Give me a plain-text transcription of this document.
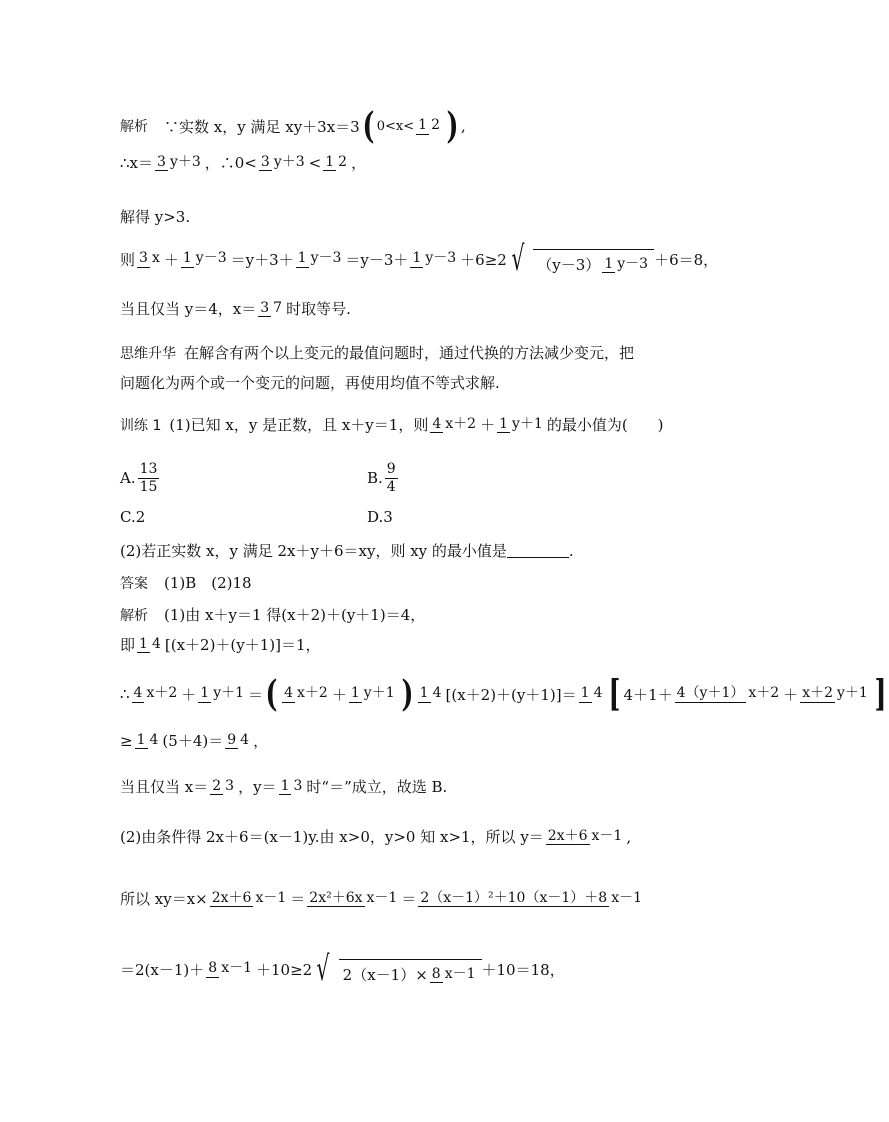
解析 ∵实数 x，y 满足 xy＋3x＝3 ( 0<x< 1 2 ) ,
∴x＝ 3 y＋3 ，∴0< 3 y＋3 < 1 2 ，
解得 y>3.
则 3 x ＋ 1 y－3 ＝y＋3＋ 1 y－3 ＝y－3＋ 1 y－3 ＋6≥2 √ （y－3） 1 y－3 ＋6＝8，
当且仅当 y＝4，x＝ 3 7 时取等号.
思维升华 在解含有两个以上变元的最值问题时，通过代换的方法减少变元，把
问题化为两个或一个变元的问题，再使用均值不等式求解.
训练 1 (1)已知 x，y 是正数，且 x＋y＝1，则 4 x＋2 ＋ 1 y＋1 的最小值为(　　)
A. $\frac{13}{15}$	B. $\frac{9}{4}$
C.2	D.3
(2)若正实数 x，y 满足 2x＋y＋6＝xy，则 xy 的最小值是	.
答案 (1)B　(2)18
解析 (1)由 x＋y＝1 得(x＋2)＋(y＋1)＝4，
即 1 4 [(x＋2)＋(y＋1)]＝1，
∴ 4 x＋2 ＋ 1 y＋1 ＝ ( 4 x＋2 ＋ 1 y＋1 ) 1 4 [(x＋2)＋(y＋1)]＝ 1 4 [ 4＋1＋ 4（y＋1） x＋2 ＋ x＋2 y＋1 ]
≥ 1 4 (5＋4)＝ 9 4 ，
当且仅当 x＝ 2 3 ，y＝ 1 3 时“＝”成立，故选 B.
(2)由条件得 2x＋6＝(x－1)y.由 x>0，y>0 知 x>1，所以 y＝ 2x＋6 x－1 ,
所以 xy＝x× 2x＋6 x－1 ＝ 2x²＋6x x－1 ＝ 2（x－1）²＋10（x－1）＋8 x－1
＝2(x－1)＋ 8 x－1 ＋10≥2 √ 2（x－1）× 8 x－1 ＋10＝18，
